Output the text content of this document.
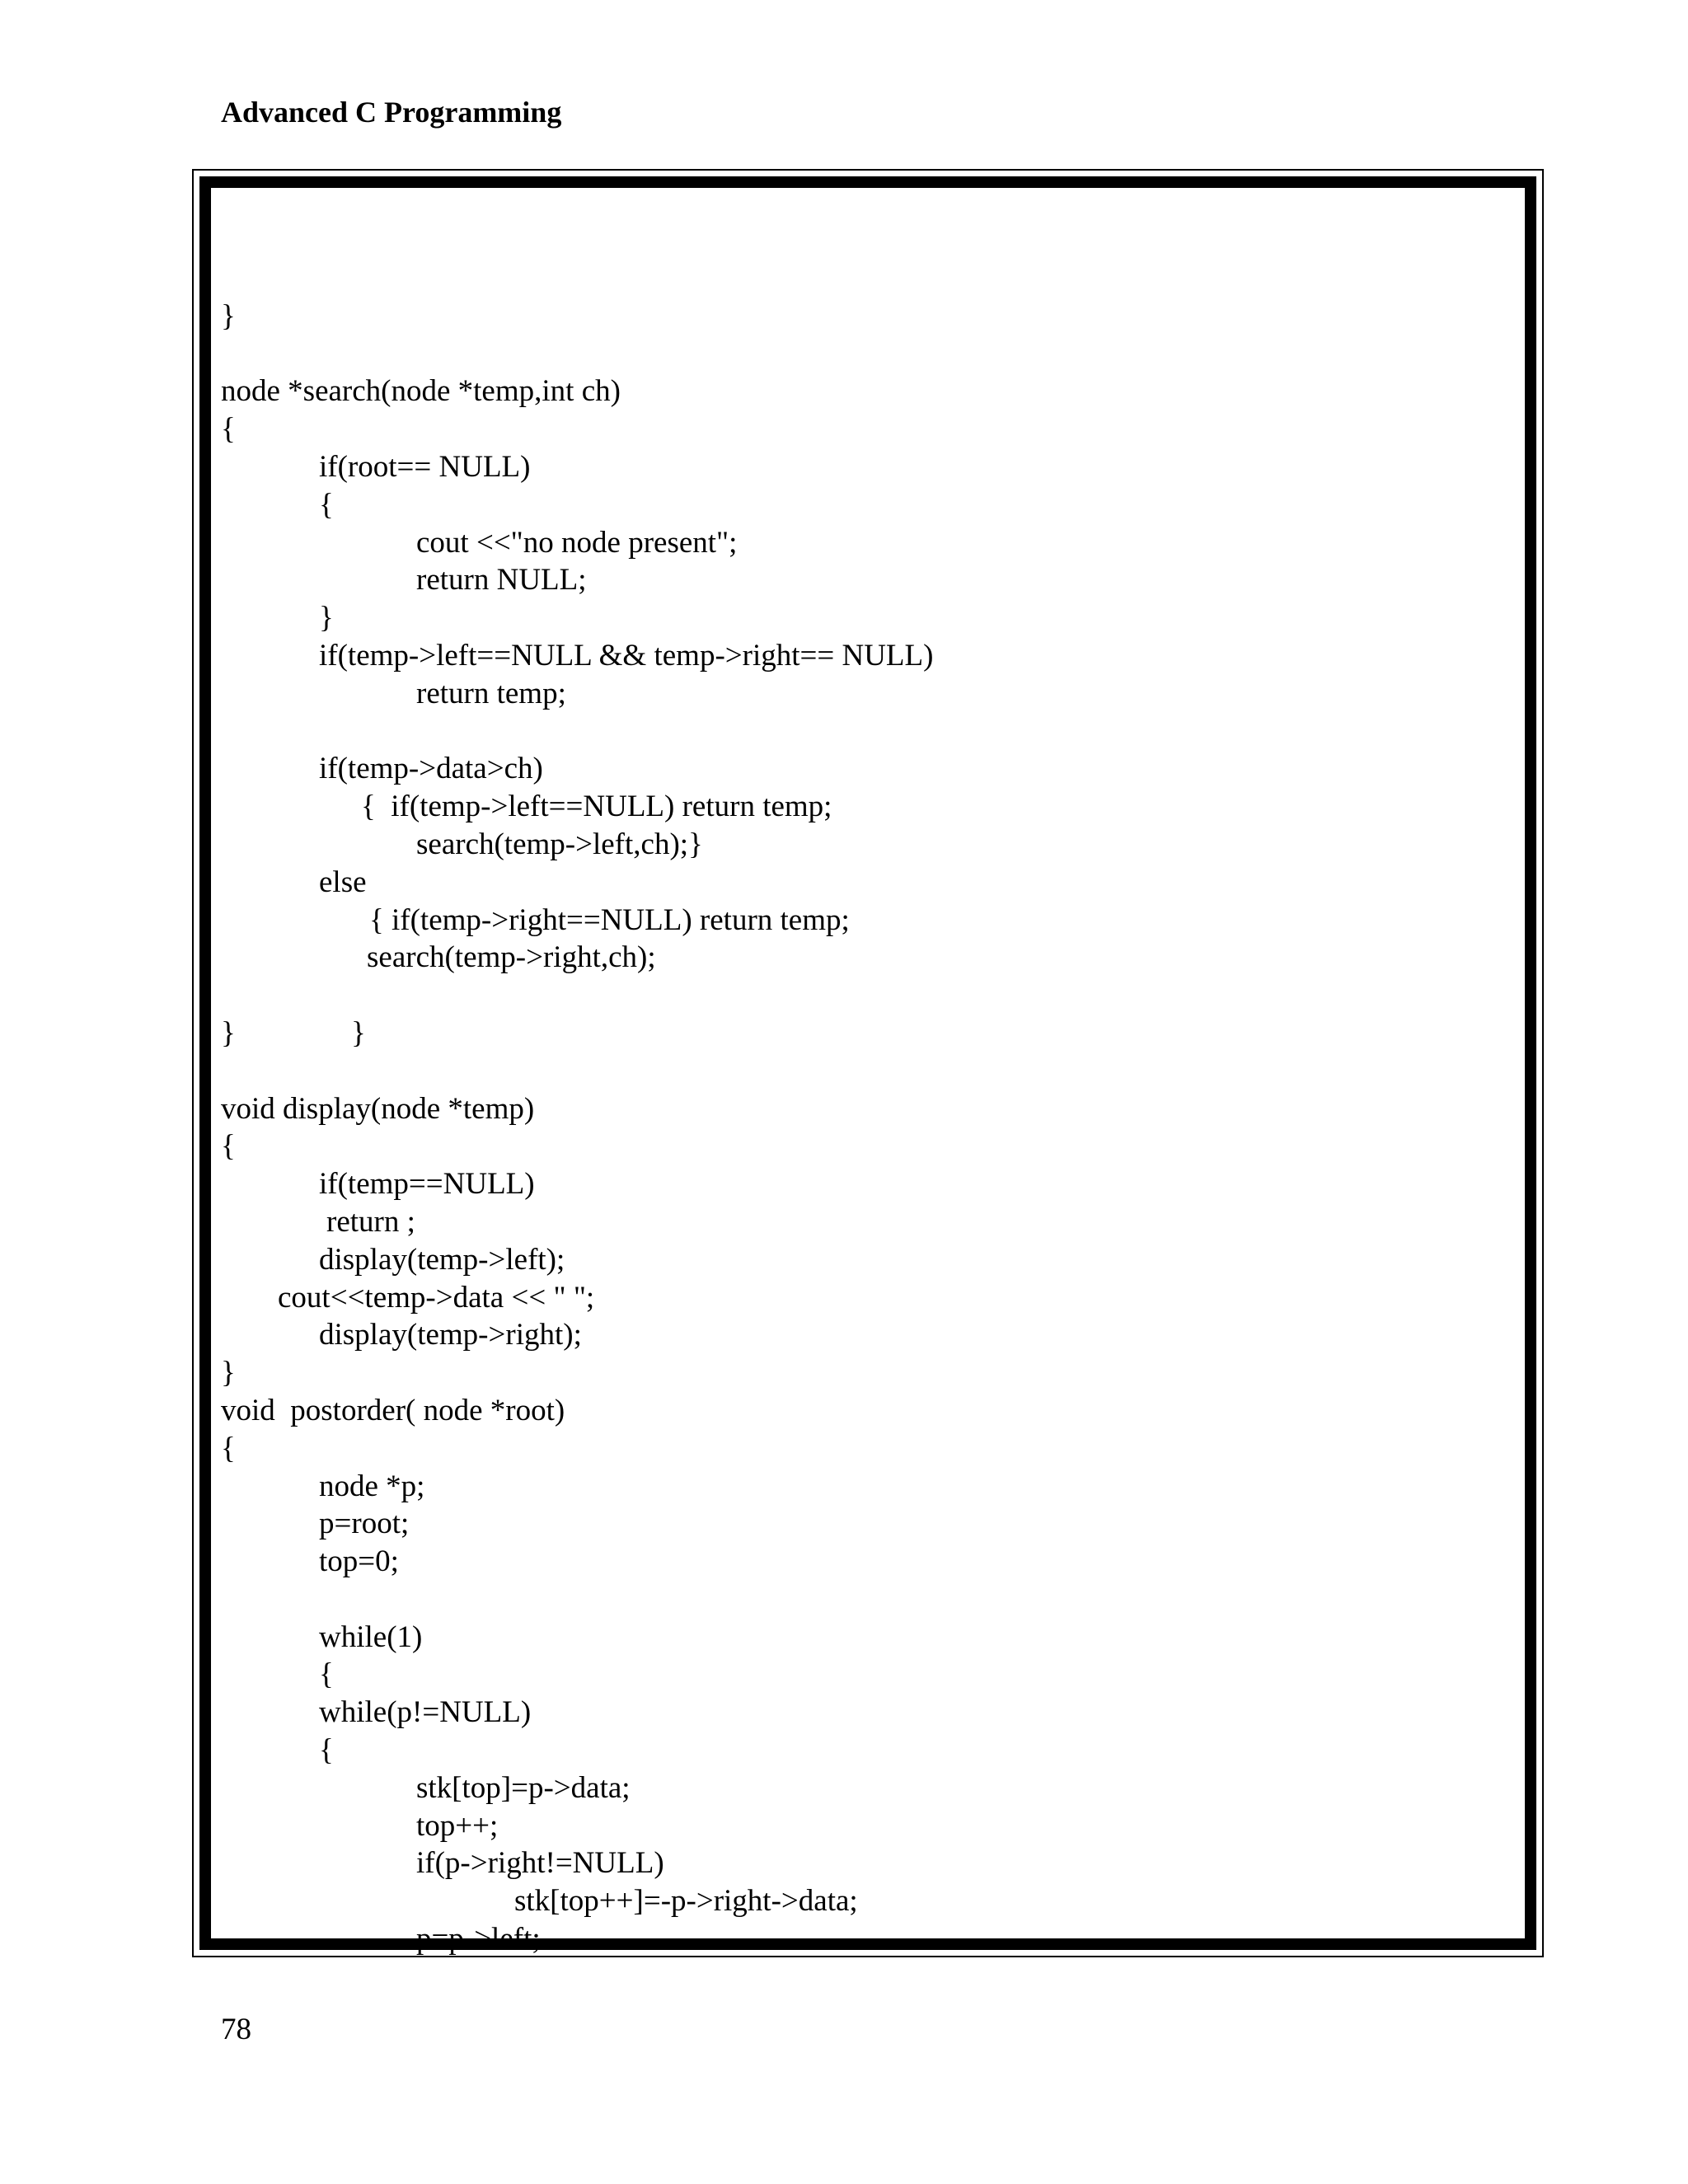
Advanced C Programming
}
node *search(node *temp,int ch)
{
if(root== NULL)
{
cout <<"no node present";
return NULL;
}
if(temp->left==NULL && temp->right== NULL)
return temp;
if(temp->data>ch)
{  if(temp->left==NULL) return temp;
search(temp->left,ch);}
else
{ if(temp->right==NULL) return temp;
search(temp->right,ch);
}	}
void display(node *temp)
{
if(temp==NULL)
return ;
display(temp->left);
cout<<temp->data << " ";
display(temp->right);
}
void  postorder( node *root)
{
node *p;
p=root;
top=0;
while(1)
{
while(p!=NULL)
{
stk[top]=p->data;
top++;
if(p->right!=NULL)
stk[top++]=-p->right->data;
p=p->left;
78
